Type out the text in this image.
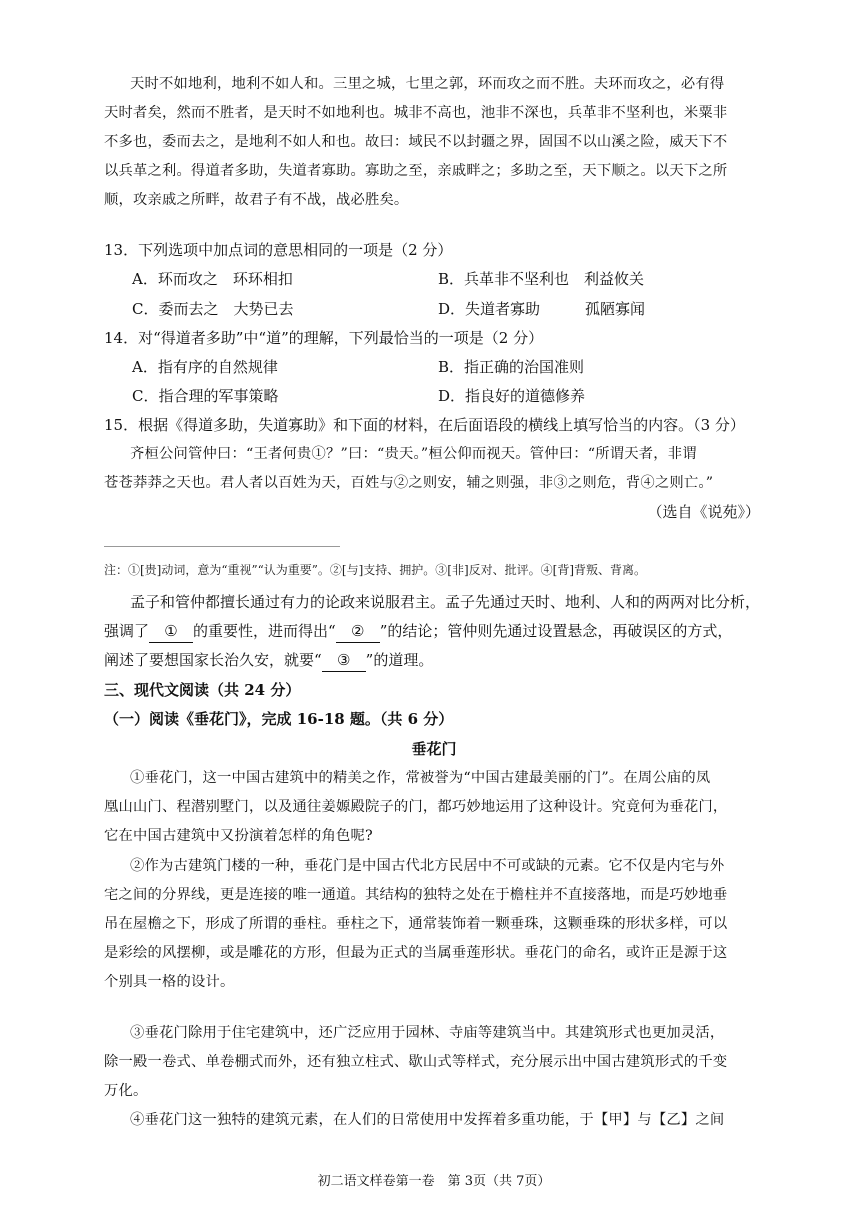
天时不如地利，地利不如人和。三里之城，七里之郭，环而攻之而不胜。夫环而攻之，必有得
天时者矣，然而不胜者，是天时不如地利也。城非不高也，池非不深也，兵革非不坚利也，米粟非
不多也，委而去之，是地利不如人和也。故曰：域民不以封疆之界，固国不以山溪之险，威天下不
以兵革之利。得道者多助，失道者寡助。寡助之至，亲戚畔之；多助之至，天下顺之。以天下之所
顺，攻亲戚之所畔，故君子有不战，战必胜矣。
13．下列选项中加点词的意思相同的一项是（2 分）
A．环而攻之　环环相扣	B．兵革非不坚利也　利益攸关
C．委而去之　大势已去	D．失道者寡助　　　孤陋寡闻
14．对“得道者多助”中“道”的理解，下列最恰当的一项是（2 分）
A．指有序的自然规律	B．指正确的治国准则
C．指合理的军事策略	D．指良好的道德修养
15．根据《得道多助，失道寡助》和下面的材料，在后面语段的横线上填写恰当的内容。（3 分）
齐桓公问管仲曰：“王者何贵①？”曰：“贵天。”桓公仰而视天。管仲曰：“所谓天者，非谓
苍苍莽莽之天也。君人者以百姓为天，百姓与②之则安，辅之则强，非③之则危，背④之则亡。”
（选自《说苑》）
注：①[贵]动词，意为“重视”“认为重要”。②[与]支持、拥护。③[非]反对、批评。④[背]背叛、背离。
孟子和管仲都擅长通过有力的论政来说服君主。孟子先通过天时、地利、人和的两两对比分析，
强调了 ① 的重要性，进而得出“ ② ”的结论；管仲则先通过设置悬念，再破误区的方式，
阐述了要想国家长治久安，就要“ ③ ”的道理。
三、现代文阅读（共 24 分）
（一）阅读《垂花门》，完成 16-18 题。（共 6 分）
垂花门
①垂花门，这一中国古建筑中的精美之作，常被誉为“中国古建最美丽的门”。在周公庙的凤
凰山山门、程潜别墅门，以及通往姜嫄殿院子的门，都巧妙地运用了这种设计。究竟何为垂花门，
它在中国古建筑中又扮演着怎样的角色呢?
②作为古建筑门楼的一种，垂花门是中国古代北方民居中不可或缺的元素。它不仅是内宅与外
宅之间的分界线，更是连接的唯一通道。其结构的独特之处在于檐柱并不直接落地，而是巧妙地垂
吊在屋檐之下，形成了所谓的垂柱。垂柱之下，通常装饰着一颗垂珠，这颗垂珠的形状多样，可以
是彩绘的风摆柳，或是雕花的方形，但最为正式的当属垂莲形状。垂花门的命名，或许正是源于这
个别具一格的设计。
③垂花门除用于住宅建筑中，还广泛应用于园林、寺庙等建筑当中。其建筑形式也更加灵活，
除一殿一卷式、单卷棚式而外，还有独立柱式、歇山式等样式，充分展示出中国古建筑形式的千变
万化。
④垂花门这一独特的建筑元素，在人们的日常使用中发挥着多重功能，于【甲】与【乙】之间
初二语文样卷第一卷　第 3页（共 7页）
